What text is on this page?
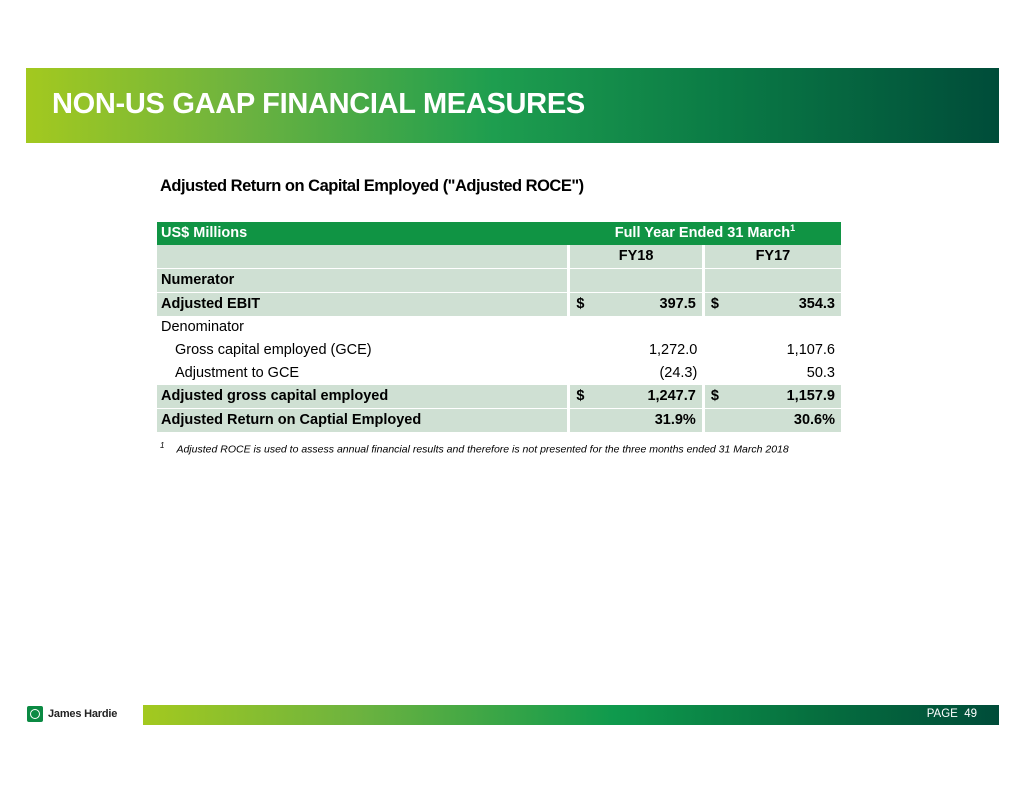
NON-US GAAP FINANCIAL MEASURES
Adjusted Return on Capital Employed ("Adjusted ROCE")
US$ Millions	Full Year Ended 31 March$^1$
	FY18	FY17
Numerator		
Adjusted EBIT	$ 397.5	$ 354.3
Denominator		
Gross capital employed (GCE)	1,272.0	1,107.6
Adjustment to GCE	(24.3)	50.3
Adjusted gross capital employed	$ 1,247.7	$ 1,157.9
Adjusted Return on Captial Employed	31.9%	30.6%
$^1$ Adjusted ROCE is used to assess annual financial results and therefore is not presented for the three months ended 31 March 2018
James Hardie	PAGE 49
